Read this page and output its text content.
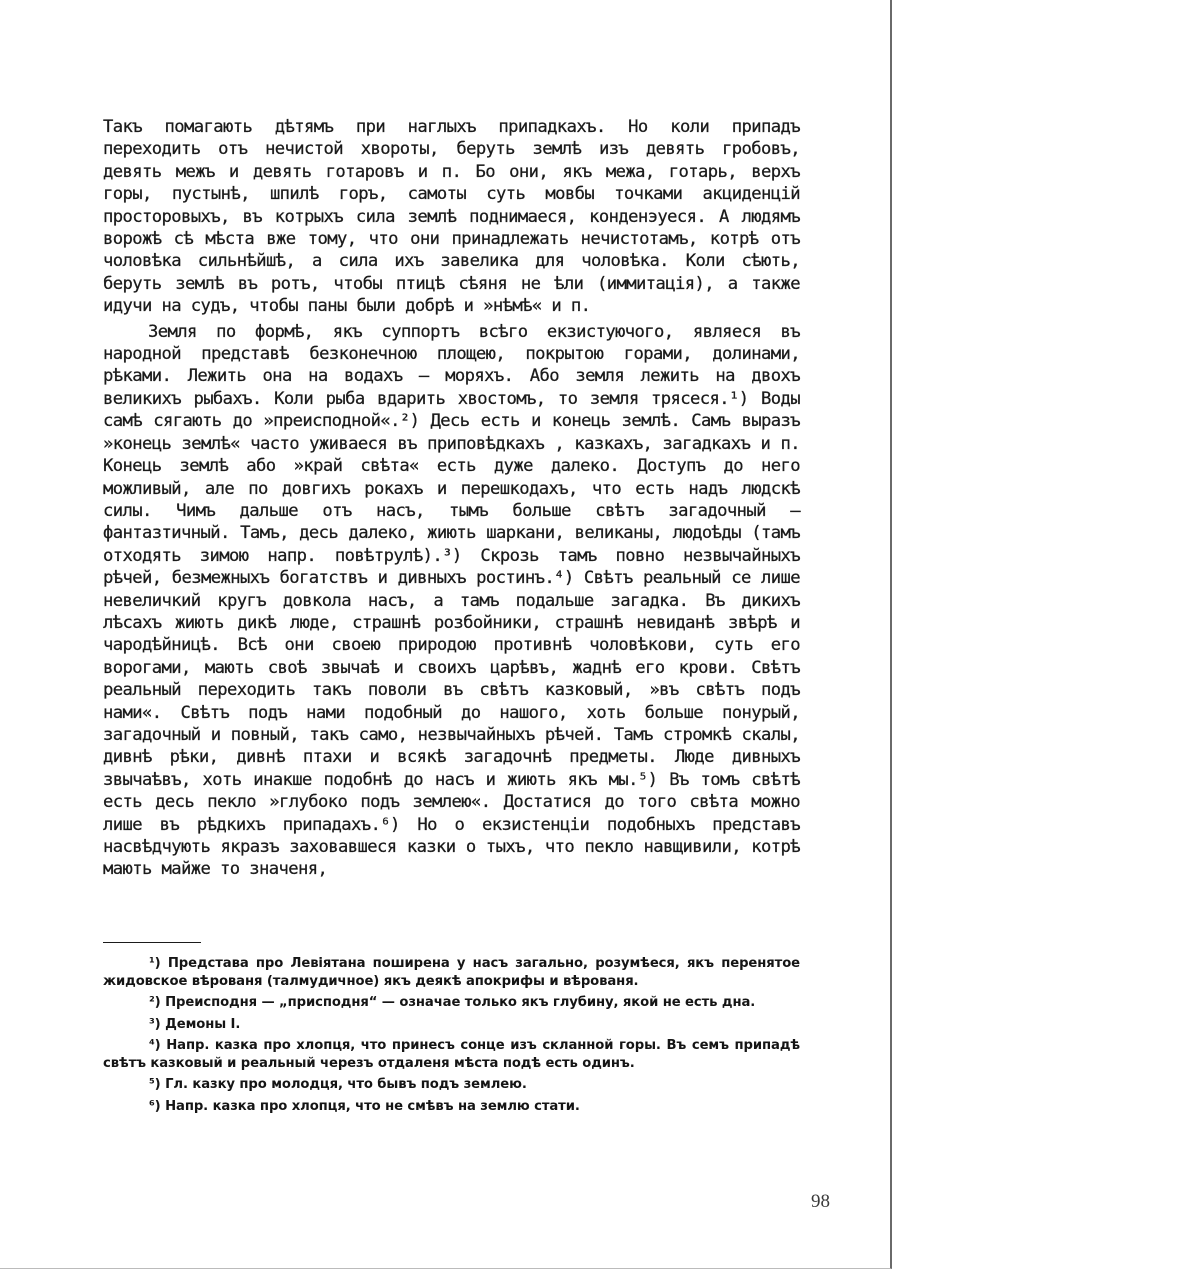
Такъ помагають дѣтямъ при наглыхъ припадкахъ. Но коли припадъ переходить отъ нечистой хвороты, беруть землѣ изъ девять гробовъ, девять межъ и девять готаровъ и п. Бо они, якъ межа, готарь, верхъ горы, пустынѣ, шпилѣ горъ, самоты суть мовбы точками акциденцій просторовыхъ, въ котрыхъ сила землѣ поднимаеся, конденэуеся. А людямъ ворожѣ сѣ мѣста вже тому, что они принадлежать нечистотамъ, котрѣ отъ чоловѣка сильнѣйшѣ, а сила ихъ завелика для чоловѣка. Коли сѣють, беруть землѣ въ ротъ, чтобы птицѣ сѣяня не ѣли (иммитація), а также идучи на судъ, чтобы паны были добрѣ и »нѣмѣ« и п.

Земля по формѣ, якъ суппортъ всѣго екзистуючого, являеся въ народной представѣ безконечною площею, покрытою горами, долинами, рѣками. Лежить она на водахъ — моряхъ. Або земля лежить на двохъ великихъ рыбахъ. Коли рыба вдарить хвостомъ, то земля трясеся.¹) Воды самѣ сягають до »преисподной«.²) Десь есть и конець землѣ. Самъ выразъ »конець землѣ« часто уживаеся въ приповѣдкахъ , казкахъ, загадкахъ и п. Конець землѣ або »край свѣта« есть дуже далеко. Доступъ до него можливый, але по довгихъ рокахъ и перешкодахъ, что есть надъ людскѣ силы. Чимъ дальше отъ насъ, тымъ больше свѣтъ загадочный — фантазтичный. Тамъ, десь далеко, жиють шаркани, великаны, людоѣды (тамъ отходять зимою напр. повѣтрулѣ).³) Скрозь тамъ повно незвычайныхъ рѣчей, безмежныхъ богатствъ и дивныхъ ростинъ.⁴) Свѣтъ реальный се лише невеличкий кругъ довкола насъ, а тамъ подальше загадка. Въ дикихъ лѣсахъ жиють дикѣ люде, страшнѣ розбойники, страшнѣ невиданѣ звѣрѣ и чародѣйницѣ. Всѣ они своею природою противнѣ чоловѣкови, суть его ворогами, мають своѣ звычаѣ и своихъ царѣвъ, жаднѣ его крови. Свѣтъ реальный переходить такъ поволи въ свѣтъ казковый, »въ свѣтъ подъ нами«. Свѣтъ подъ нами подобный до нашого, хоть больше понурый, загадочный и повный, такъ само, незвычайныхъ рѣчей. Тамъ стромкѣ скалы, дивнѣ рѣки, дивнѣ птахи и всякѣ загадочнѣ предметы. Люде дивныхъ звычаѣвъ, хоть инакше подобнѣ до насъ и жиють якъ мы.⁵) Въ томъ свѣтѣ есть десь пекло »глубоко подъ землею«. Достатися до того свѣта можно лише въ рѣдкихъ припадахъ.⁶) Но о екзистенціи подобныхъ представъ насвѣдчують якразъ заховавшеся казки о тыхъ, что пекло навщивили, котрѣ мають майже то значеня,

¹) Представа про Левіятана поширена у насъ загально, розумѣеся, якъ перенятое жидовское вѣрованя (талмудичное) якъ деякѣ апокрифы и вѣрованя.

²) Преисподня — „присподня“ — означае только якъ глубину, якой не есть дна.

³) Демоны I.

⁴) Напр. казка про хлопця, что принесъ сонце изъ скланной горы. Въ семъ припадѣ свѣтъ казковый и реальный черезъ отдаленя мѣста подѣ есть одинъ.

⁵) Гл. казку про молодця, что бывъ подъ землею.

⁶) Напр. казка про хлопця, что не смѣвъ на землю стати.

98
